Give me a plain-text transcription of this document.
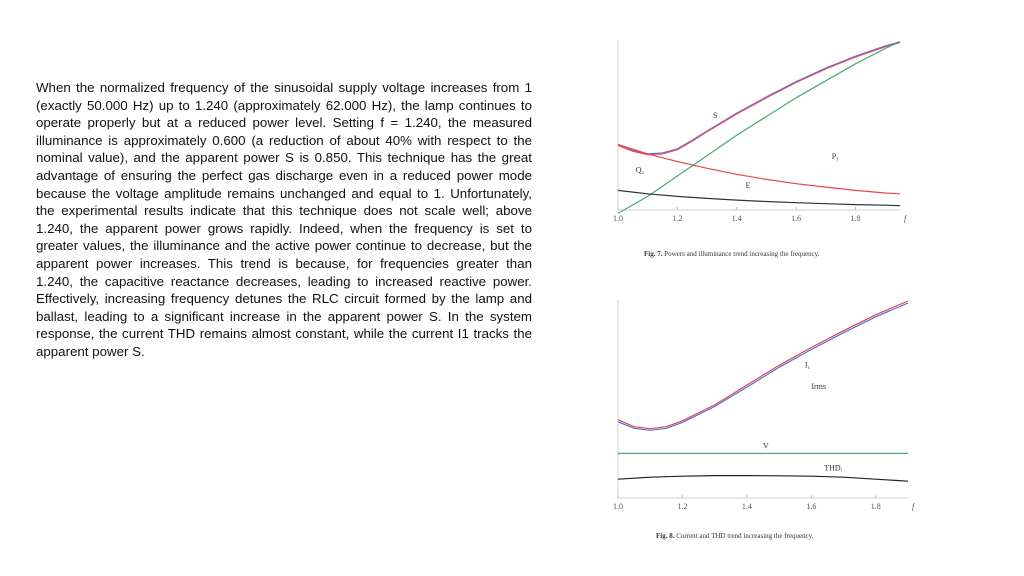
When the normalized frequency of the sinusoidal supply voltage increases from 1 (exactly 50.000 Hz) up to 1.240 (approximately 62.000 Hz), the lamp continues to operate properly but at a reduced power level. Setting f = 1.240, the measured illuminance is approximately 0.600 (a reduction of about 40% with respect to the nominal value), and the apparent power S is 0.850. This technique has the great advantage of ensuring the perfect gas discharge even in a reduced power mode because the voltage amplitude remains unchanged and equal to 1. Unfortunately, the experimental results indicate that this technique does not scale well; above 1.240, the apparent power grows rapidly. Indeed, when the frequency is set to greater values, the illuminance and the active power continue to decrease, but the apparent power increases. This trend is because, for frequencies greater than 1.240, the capacitive reactance decreases, leading to increased reactive power. Effectively, increasing frequency detunes the RLC circuit formed by the lamp and ballast, leading to a significant increase in the apparent power S. In the system response, the current THD remains almost constant, while the current I1 tracks the apparent power S.

1.0	1.2	1.4	1.6	1.8	f
S
P₁
Q₁
E
Fig. 7. Powers and illuminance trend increasing the frequency.
1.0	1.2	1.4	1.6	1.8	f
I₁
Irms
V
THDᵢ
Fig. 8. Current and THD trend increasing the frequency.
